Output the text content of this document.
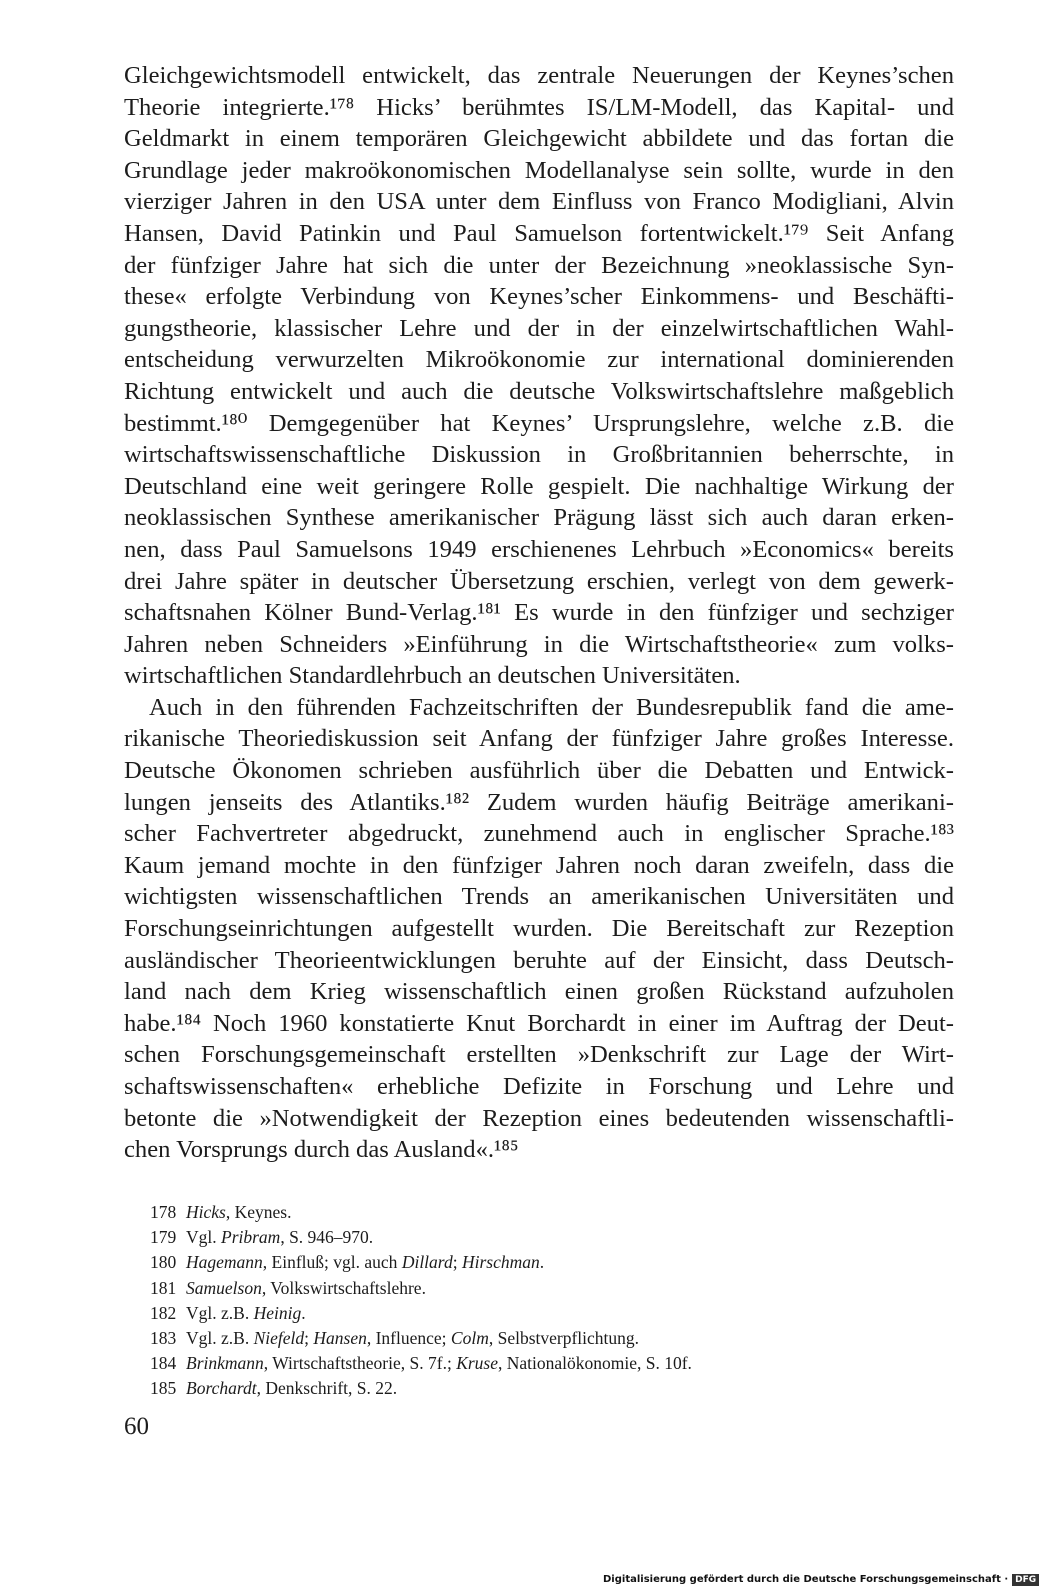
Gleichgewichtsmodell entwickelt, das zentrale Neuerungen der Keynes’schen
Theorie integrierte.¹⁷⁸ Hicks’ berühmtes IS/LM-Modell, das Kapital- und
Geldmarkt in einem temporären Gleichgewicht abbildete und das fortan die
Grundlage jeder makroökonomischen Modellanalyse sein sollte, wurde in den
vierziger Jahren in den USA unter dem Einfluss von Franco Modigliani, Alvin
Hansen, David Patinkin und Paul Samuelson fortentwickelt.¹⁷⁹ Seit Anfang
der fünfziger Jahre hat sich die unter der Bezeichnung »neoklassische Syn-
these« erfolgte Verbindung von Keynes’scher Einkommens- und Beschäfti-
gungstheorie, klassischer Lehre und der in der einzelwirtschaftlichen Wahl-
entscheidung verwurzelten Mikroökonomie zur international dominierenden
Richtung entwickelt und auch die deutsche Volkswirtschaftslehre maßgeblich
bestimmt.¹⁸⁰ Demgegenüber hat Keynes’ Ursprungslehre, welche z.B. die
wirtschaftswissenschaftliche Diskussion in Großbritannien beherrschte, in
Deutschland eine weit geringere Rolle gespielt. Die nachhaltige Wirkung der
neoklassischen Synthese amerikanischer Prägung lässt sich auch daran erken-
nen, dass Paul Samuelsons 1949 erschienenes Lehrbuch »Economics« bereits
drei Jahre später in deutscher Übersetzung erschien, verlegt von dem gewerk-
schaftsnahen Kölner Bund-Verlag.¹⁸¹ Es wurde in den fünfziger und sechziger
Jahren neben Schneiders »Einführung in die Wirtschaftstheorie« zum volks-
wirtschaftlichen Standardlehrbuch an deutschen Universitäten.
Auch in den führenden Fachzeitschriften der Bundesrepublik fand die ame-
rikanische Theoriediskussion seit Anfang der fünfziger Jahre großes Interesse.
Deutsche Ökonomen schrieben ausführlich über die Debatten und Entwick-
lungen jenseits des Atlantiks.¹⁸² Zudem wurden häufig Beiträge amerikani-
scher Fachvertreter abgedruckt, zunehmend auch in englischer Sprache.¹⁸³
Kaum jemand mochte in den fünfziger Jahren noch daran zweifeln, dass die
wichtigsten wissenschaftlichen Trends an amerikanischen Universitäten und
Forschungseinrichtungen aufgestellt wurden. Die Bereitschaft zur Rezeption
ausländischer Theorieentwicklungen beruhte auf der Einsicht, dass Deutsch-
land nach dem Krieg wissenschaftlich einen großen Rückstand aufzuholen
habe.¹⁸⁴ Noch 1960 konstatierte Knut Borchardt in einer im Auftrag der Deut-
schen Forschungsgemeinschaft erstellten »Denkschrift zur Lage der Wirt-
schaftswissenschaften« erhebliche Defizite in Forschung und Lehre und
betonte die »Notwendigkeit der Rezeption eines bedeutenden wissenschaftli-
chen Vorsprungs durch das Ausland«.¹⁸⁵
178 Hicks, Keynes.
179 Vgl. Pribram, S. 946–970.
180 Hagemann, Einfluß; vgl. auch Dillard; Hirschman.
181 Samuelson, Volkswirtschaftslehre.
182 Vgl. z.B. Heinig.
183 Vgl. z.B. Niefeld; Hansen, Influence; Colm, Selbstverpflichtung.
184 Brinkmann, Wirtschaftstheorie, S. 7f.; Kruse, Nationalökonomie, S. 10f.
185 Borchardt, Denkschrift, S. 22.
60
Digitalisierung gefördert durch die Deutsche Forschungsgemeinschaft · DFG
